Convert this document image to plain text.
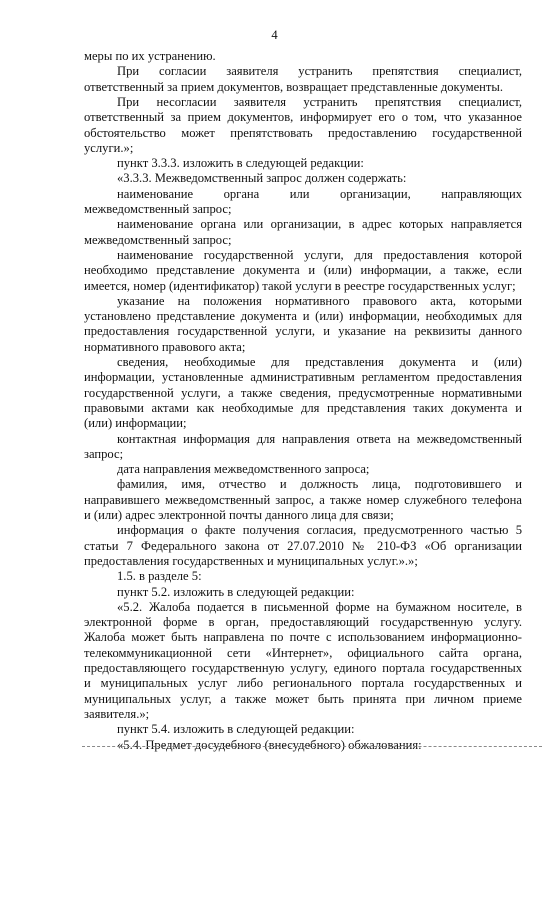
4
меры по их устранению.
При согласии заявителя устранить препятствия специалист,
ответственный за прием документов, возвращает представленные документы.
При несогласии заявителя устранить препятствия специалист,
ответственный за прием документов, информирует его о том, что указанное
обстоятельство может препятствовать предоставлению государственной
услуги.»;
пункт 3.3.3. изложить в следующей редакции:
«3.3.3. Межведомственный запрос должен содержать:
наименование органа или организации, направляющих
межведомственный запрос;
наименование органа или организации, в адрес которых направляется
межведомственный запрос;
наименование государственной услуги, для предоставления которой
необходимо представление документа и (или) информации, а также, если
имеется, номер (идентификатор) такой услуги в реестре государственных услуг;
указание на положения нормативного правового акта, которыми
установлено представление документа и (или) информации, необходимых для
предоставления государственной услуги, и указание на реквизиты данного
нормативного правового акта;
сведения, необходимые для представления документа и (или)
информации, установленные административным регламентом предоставления
государственной услуги, а также сведения, предусмотренные нормативными
правовыми актами как необходимые для представления таких документа и
(или) информации;
контактная информация для направления ответа на межведомственный
запрос;
дата направления межведомственного запроса;
фамилия, имя, отчество и должность лица, подготовившего и
направившего межведомственный запрос, а также номер служебного телефона
и (или) адрес электронной почты данного лица для связи;
информация о факте получения согласия, предусмотренного частью 5
статьи 7 Федерального закона от 27.07.2010 № 210-ФЗ «Об организации
предоставления государственных и муниципальных услуг.».»;
1.5. в разделе 5:
пункт 5.2. изложить в следующей редакции:
«5.2. Жалоба подается в письменной форме на бумажном носителе, в
электронной форме в орган, предоставляющий государственную услугу.
Жалоба может быть направлена по почте с использованием информационно-
телекоммуникационной сети «Интернет», официального сайта органа,
предоставляющего государственную услугу, единого портала государственных
и муниципальных услуг либо регионального портала государственных и
муниципальных услуг, а также может быть принята при личном приеме
заявителя.»;
пункт 5.4. изложить в следующей редакции:
«5.4. Предмет досудебного (внесудебного) обжалования:
